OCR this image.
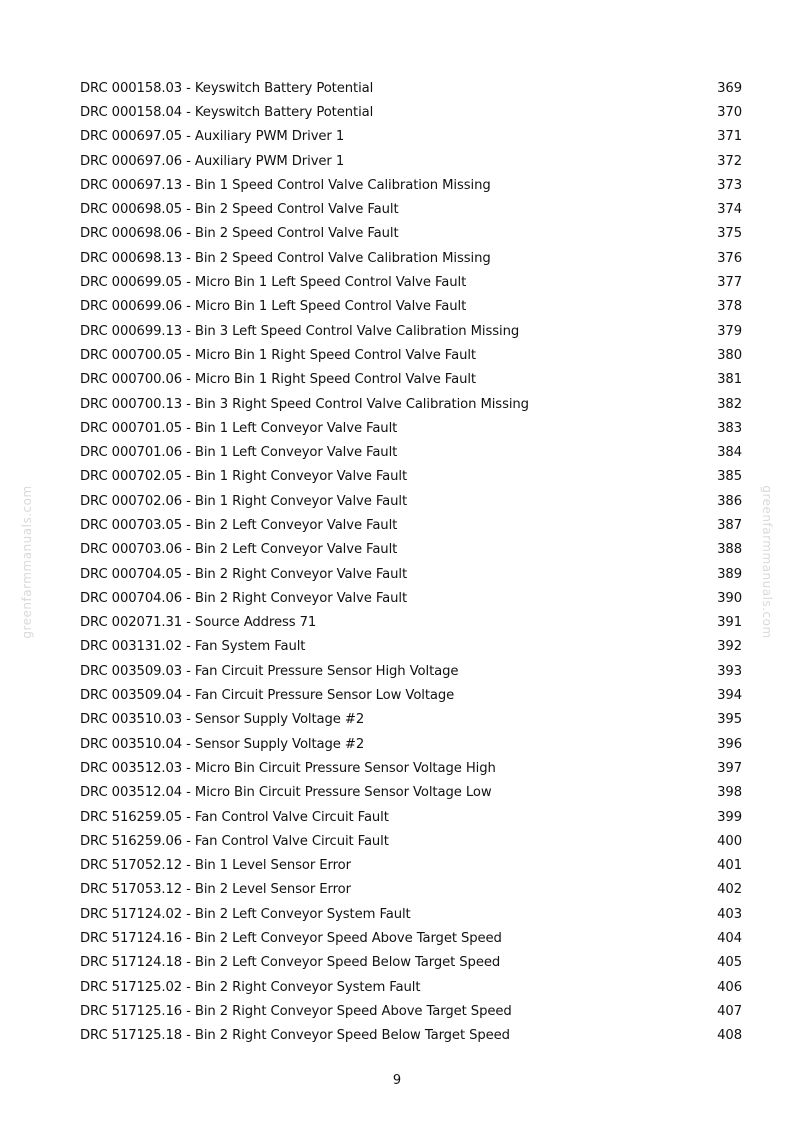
DRC 000158.03 - Keyswitch Battery Potential	369
DRC 000158.04 - Keyswitch Battery Potential	370
DRC 000697.05 - Auxiliary PWM Driver 1	371
DRC 000697.06 - Auxiliary PWM Driver 1	372
DRC 000697.13 - Bin 1 Speed Control Valve Calibration Missing	373
DRC 000698.05 - Bin 2 Speed Control Valve Fault	374
DRC 000698.06 - Bin 2 Speed Control Valve Fault	375
DRC 000698.13 - Bin 2 Speed Control Valve Calibration Missing	376
DRC 000699.05 - Micro Bin 1 Left Speed Control Valve Fault	377
DRC 000699.06 - Micro Bin 1 Left Speed Control Valve Fault	378
DRC 000699.13 - Bin 3 Left Speed Control Valve Calibration Missing	379
DRC 000700.05 - Micro Bin 1 Right Speed Control Valve Fault	380
DRC 000700.06 - Micro Bin 1 Right Speed Control Valve Fault	381
DRC 000700.13 - Bin 3 Right Speed Control Valve Calibration Missing	382
DRC 000701.05 - Bin 1 Left Conveyor Valve Fault	383
DRC 000701.06 - Bin 1 Left Conveyor Valve Fault	384
DRC 000702.05 - Bin 1 Right Conveyor Valve Fault	385
DRC 000702.06 - Bin 1 Right Conveyor Valve Fault	386
DRC 000703.05 - Bin 2 Left Conveyor Valve Fault	387
DRC 000703.06 - Bin 2 Left Conveyor Valve Fault	388
DRC 000704.05 - Bin 2 Right Conveyor Valve Fault	389
DRC 000704.06 - Bin 2 Right Conveyor Valve Fault	390
DRC 002071.31 - Source Address 71	391
DRC 003131.02 - Fan System Fault	392
DRC 003509.03 - Fan Circuit Pressure Sensor High Voltage	393
DRC 003509.04 - Fan Circuit Pressure Sensor Low Voltage	394
DRC 003510.03 - Sensor Supply Voltage #2	395
DRC 003510.04 - Sensor Supply Voltage #2	396
DRC 003512.03 - Micro Bin Circuit Pressure Sensor Voltage High	397
DRC 003512.04 - Micro Bin Circuit Pressure Sensor Voltage Low	398
DRC 516259.05 - Fan Control Valve Circuit Fault	399
DRC 516259.06 - Fan Control Valve Circuit Fault	400
DRC 517052.12 - Bin 1 Level Sensor Error	401
DRC 517053.12 - Bin 2 Level Sensor Error	402
DRC 517124.02 - Bin 2 Left Conveyor System Fault	403
DRC 517124.16 - Bin 2 Left Conveyor Speed Above Target Speed	404
DRC 517124.18 - Bin 2 Left Conveyor Speed Below Target Speed	405
DRC 517125.02 - Bin 2 Right Conveyor System Fault	406
DRC 517125.16 - Bin 2 Right Conveyor Speed Above Target Speed	407
DRC 517125.18 - Bin 2 Right Conveyor Speed Below Target Speed	408
9
greenfarmmanuals.com	greenfarmmanuals.com
